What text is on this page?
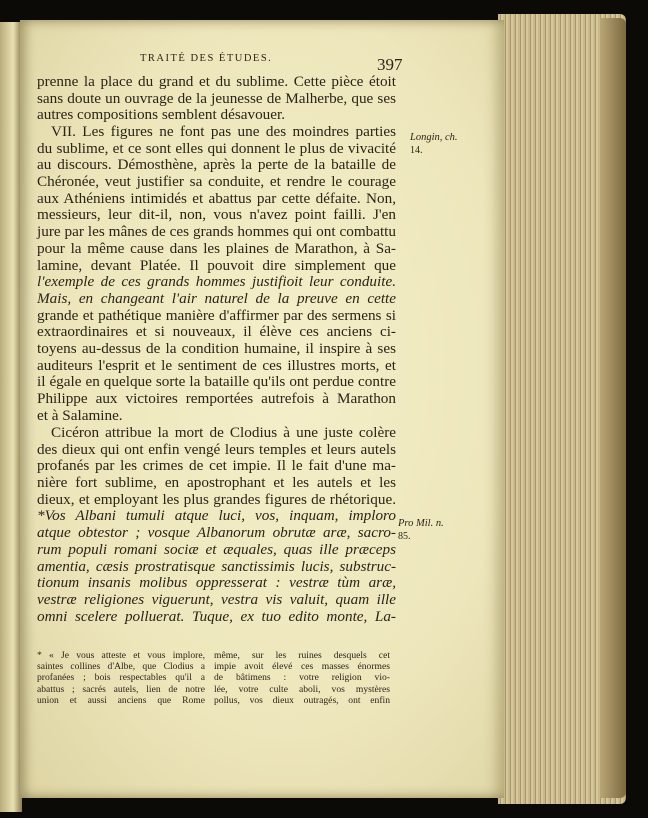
TRAITÉ DES ÉTUDES.	397
prenne la place du grand et du sublime. Cette pièce étoit
sans doute un ouvrage de la jeunesse de Malherbe, que ses
autres compositions semblent désavouer.
VII. Les figures ne font pas une des moindres parties
du sublime, et ce sont elles qui donnent le plus de vivacité
au discours. Démosthène, après la perte de la bataille de
Chéronée, veut justifier sa conduite, et rendre le courage
aux Athéniens intimidés et abattus par cette défaite. Non,
messieurs, leur dit-il, non, vous n'avez point failli. J'en
jure par les mânes de ces grands hommes qui ont combattu
pour la même cause dans les plaines de Marathon, à Sa-
lamine, devant Platée. Il pouvoit dire simplement que
l'exemple de ces grands hommes justifioit leur conduite.
Mais, en changeant l'air naturel de la preuve en cette
grande et pathétique manière d'affirmer par des sermens si
extraordinaires et si nouveaux, il élève ces anciens ci-
toyens au-dessus de la condition humaine, il inspire à ses
auditeurs l'esprit et le sentiment de ces illustres morts, et
il égale en quelque sorte la bataille qu'ils ont perdue contre
Philippe aux victoires remportées autrefois à Marathon
et à Salamine.
Cicéron attribue la mort de Clodius à une juste colère
des dieux qui ont enfin vengé leurs temples et leurs autels
profanés par les crimes de cet impie. Il le fait d'une ma-
nière fort sublime, en apostrophant et les autels et les
dieux, et employant les plus grandes figures de rhétorique.
*Vos Albani tumuli atque luci, vos, inquam, imploro
atque obtestor ; vosque Albanorum obrutæ aræ, sacro-
rum populi romani sociæ et æquales, quas ille præceps
amentia, cæsis prostratisque sanctissimis lucis, substruc-
tionum insanis molibus oppresserat : vestræ tùm aræ,
vestræ religiones viguerunt, vestra vis valuit, quam ille
omni scelere polluerat. Tuque, ex tuo edito monte, La-
Longin, ch.
14.
Pro Mil. n.
85.
* « Je vous atteste et vous implore,
saintes collines d'Albe, que Clodius a
profanées ; bois respectables qu'il a
abattus ; sacrés autels, lien de notre
union et aussi anciens que Rome
même, sur les ruines desquels cet
impie avoit élevé ces masses énormes
de bâtimens : votre religion vio-
lée, votre culte aboli, vos mystères
pollus, vos dieux outragés, ont enfin
